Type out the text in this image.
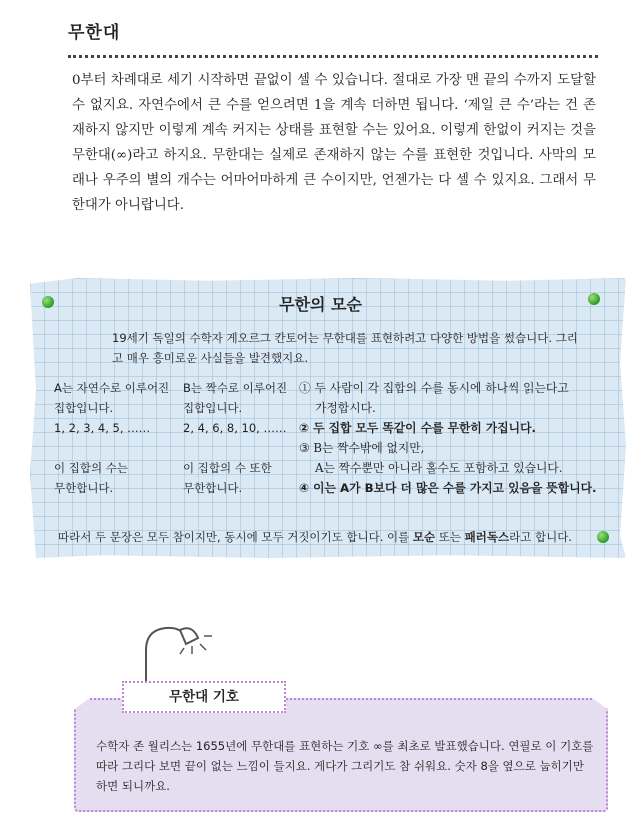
무한대
0부터 차례대로 세기 시작하면 끝없이 셀 수 있습니다. 절대로 가장 맨 끝의 수까지 도달할 수 없지요. 자연수에서 큰 수를 얻으려면 1을 계속 더하면 됩니다. ‘제일 큰 수’라는 건 존재하지 않지만 이렇게 계속 커지는 상태를 표현할 수는 있어요. 이렇게 한없이 커지는 것을 무한대(∞)라고 하지요. 무한대는 실제로 존재하지 않는 수를 표현한 것입니다. 사막의 모래나 우주의 별의 개수는 어마어마하게 큰 수이지만, 언젠가는 다 셀 수 있지요. 그래서 무한대가 아니랍니다.
무한의 모순
19세기 독일의 수학자 게오르그 칸토어는 무한대를 표현하려고 다양한 방법을 썼습니다. 그리고 매우 흥미로운 사실들을 발견했지요.
A는 자연수로 이루어진
집합입니다.
1, 2, 3, 4, 5, ……
이 집합의 수는
무한합니다.
B는 짝수로 이루어진
집합입니다.
2, 4, 6, 8, 10, ……
이 집합의 수 또한
무한합니다.
① 두 사람이 각 집합의 수를 동시에 하나씩 읽는다고
가정합시다.
② 두 집합 모두 똑같이 수를 무한히 가집니다.
③ B는 짝수밖에 없지만,
A는 짝수뿐만 아니라 홀수도 포함하고 있습니다.
④ 이는 A가 B보다 더 많은 수를 가지고 있음을 뜻합니다.
따라서 두 문장은 모두 참이지만, 동시에 모두 거짓이기도 합니다. 이를 모순 또는 패러독스라고 합니다.
무한대 기호
수학자 존 월리스는 1655년에 무한대를 표현하는 기호 ∞를 최초로 발표했습니다. 연필로 이 기호를 따라 그리다 보면 끝이 없는 느낌이 들지요. 게다가 그리기도 참 쉬워요. 숫자 8을 옆으로 눕히기만 하면 되니까요.
